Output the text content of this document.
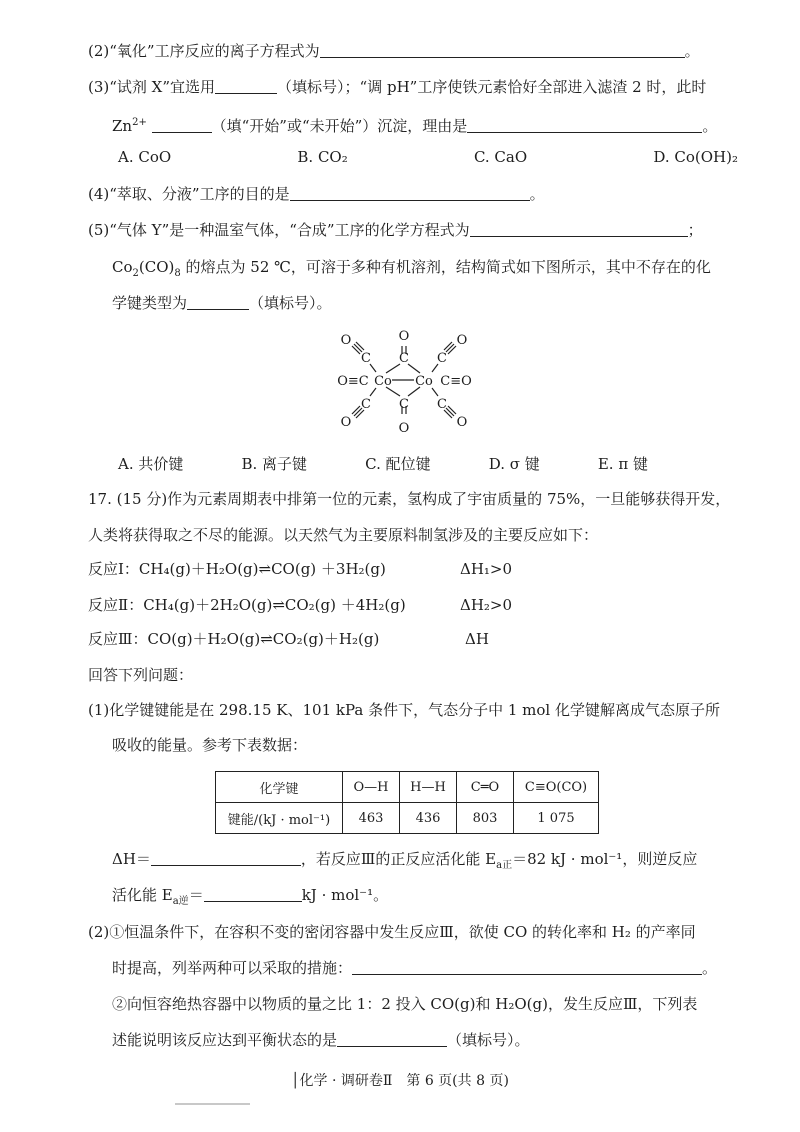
(2)“氧化”工序反应的离子方程式为	。
(3)“试剂 X”宜选用	（填标号）；“调 pH”工序使铁元素恰好全部进入滤渣 2 时，此时
$Zn^{2+}$	（填“开始”或“未开始”）沉淀，理由是	。
A. CoO	B. CO₂	C. CaO	D. Co(OH)₂
(4)“萃取、分液”工序的目的是	。
(5)“气体 Y”是一种温室气体，“合成”工序的化学方程式为	；
$Co_2(CO)_8$ 的熔点为 52 ℃，可溶于多种有机溶剂，结构简式如下图所示，其中不存在的化
学键类型为	（填标号）。
O
C
C
O
C	C
C	C
O	O
O	O
Co Co
O≡C	C≡O
A. 共价键	B. 离子键	C. 配位键	D. σ 键	E. π 键
17. (15 分)作为元素周期表中排第一位的元素，氢构成了宇宙质量的 75%，一旦能够获得开发，
人类将获得取之不尽的能源。以天然气为主要原料制氢涉及的主要反应如下：
反应Ⅰ：CH₄(g)＋H₂O(g)⇌CO(g) ＋3H₂(g)	ΔH₁>0
反应Ⅱ：CH₄(g)＋2H₂O(g)⇌CO₂(g) ＋4H₂(g)	ΔH₂>0
反应Ⅲ：CO(g)＋H₂O(g)⇌CO₂(g)＋H₂(g)	ΔH
回答下列问题：
(1)化学键键能是在 298.15 K、101 kPa 条件下，气态分子中 1 mol 化学键解离成气态原子所
吸收的能量。参考下表数据：
化学键	O—H	H—H	C═O	C≡O(CO)
键能/(kJ · mol⁻¹)	463	436	803	1 075
ΔH＝	，若反应Ⅲ的正反应活化能 $E_{a正}=82$ kJ · mol⁻¹，则逆反应
活化能 $E_{a逆}=$	kJ · mol⁻¹。
(2)①恒温条件下，在容积不变的密闭容器中发生反应Ⅲ，欲使 CO 的转化率和 H₂ 的产率同
时提高，列举两种可以采取的措施：	。
②向恒容绝热容器中以物质的量之比 1：2 投入 CO(g)和 H₂O(g)，发生反应Ⅲ，下列表
述能说明该反应达到平衡状态的是	（填标号）。
│化学 · 调研卷Ⅱ　第 6 页(共 8 页)
